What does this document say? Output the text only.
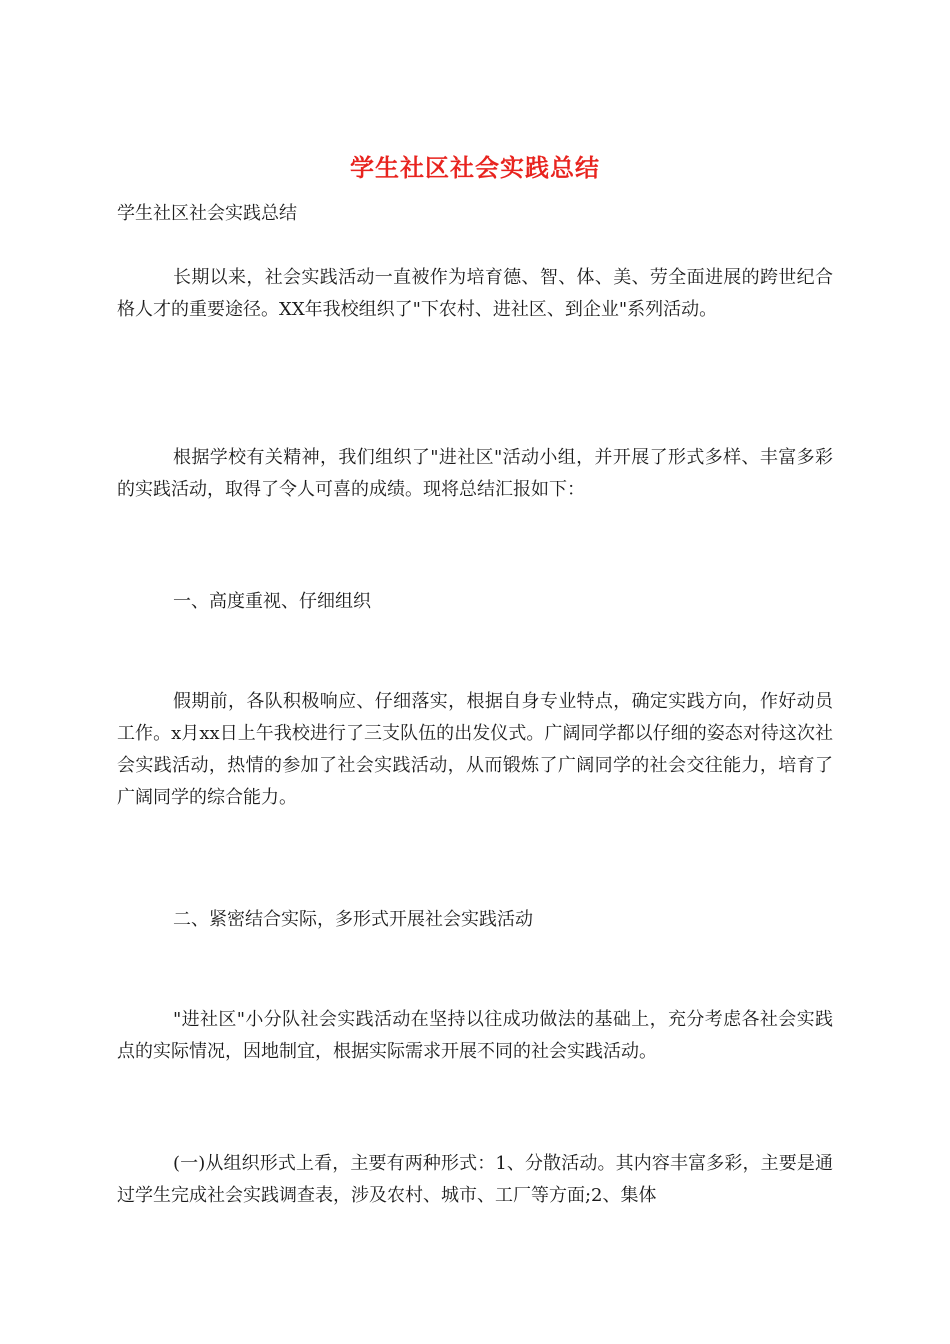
学生社区社会实践总结
学生社区社会实践总结
长期以来，社会实践活动一直被作为培育德、智、体、美、劳全面进展的跨世纪合格人才的重要途径。XX年我校组织了"下农村、进社区、到企业"系列活动。
根据学校有关精神，我们组织了"进社区"活动小组，并开展了形式多样、丰富多彩的实践活动，取得了令人可喜的成绩。现将总结汇报如下：
一、高度重视、仔细组织
假期前，各队积极响应、仔细落实，根据自身专业特点，确定实践方向，作好动员工作。x月xx日上午我校进行了三支队伍的出发仪式。广阔同学都以仔细的姿态对待这次社会实践活动，热情的参加了社会实践活动，从而锻炼了广阔同学的社会交往能力，培育了广阔同学的综合能力。
二、紧密结合实际，多形式开展社会实践活动
"进社区"小分队社会实践活动在坚持以往成功做法的基础上，充分考虑各社会实践点的实际情况，因地制宜，根据实际需求开展不同的社会实践活动。
(一)从组织形式上看，主要有两种形式：1、分散活动。其内容丰富多彩，主要是通过学生完成社会实践调查表，涉及农村、城市、工厂等方面;2、集体
